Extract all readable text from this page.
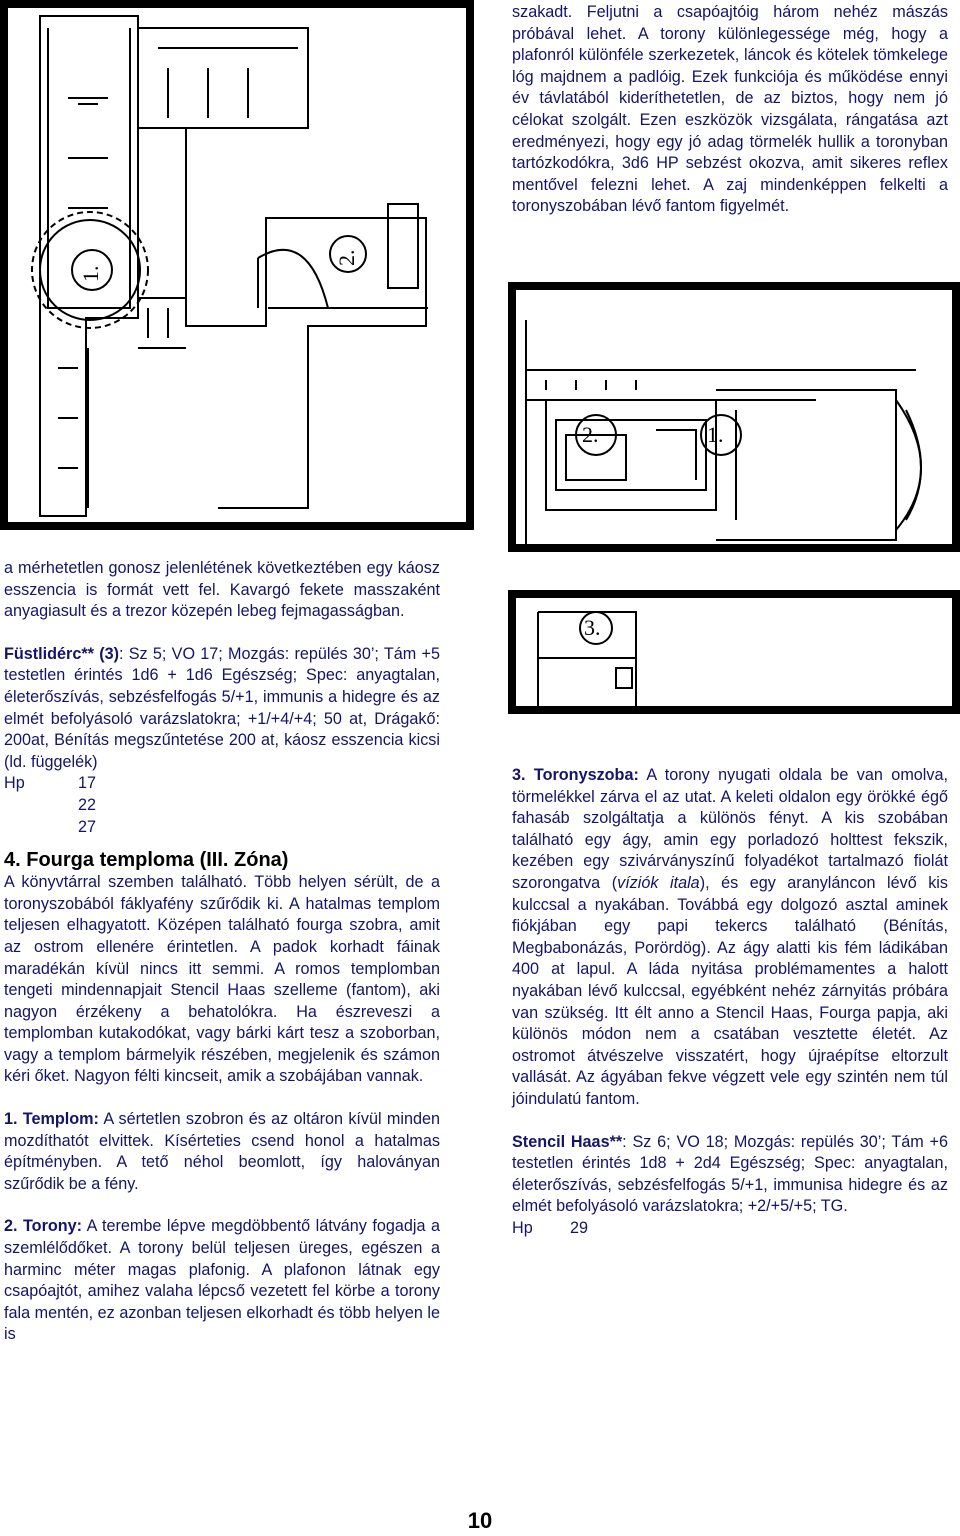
1.
2.
2.	1.
3.

szakadt. Feljutni a csapóajtóig három nehéz mászás próbával lehet. A torony különlegessége még, hogy a plafonról különféle szerkezetek, láncok és kötelek tömkelege lóg majdnem a padlóig. Ezek funkciója és működése ennyi év távlatából kideríthetetlen, de az biztos, hogy nem jó célokat szolgált. Ezen eszközök vizsgálata, rángatása azt eredményezi, hogy egy jó adag törmelék hullik a toronyban tartózkodókra, 3d6 HP sebzést okozva, amit sikeres reflex mentővel felezni lehet. A zaj mindenképpen felkelti a toronyszobában lévő fantom figyelmét.

a mérhetetlen gonosz jelenlétének következtében egy káosz esszencia is formát vett fel. Kavargó fekete masszaként anyagiasult és a trezor közepén lebeg fejmagasságban.

Füstlidérc** (3): Sz 5; VO 17; Mozgás: repülés 30’; Tám +5 testetlen érintés 1d6 + 1d6 Egészség; Spec: anyagtalan, életerőszívás, sebzésfelfogás 5/+1, immunis a hidegre és az elmét befolyásoló varázslatokra; +1/+4/+4; 50 at, Drágakő: 200at, Bénítás megszűntetése 200 at, káosz esszencia kicsi (ld. függelék)

Hp	17
22
27
4. Fourga temploma (III. Zóna)

A könyvtárral szemben található. Több helyen sérült, de a toronyszobából fáklyafény szűrődik ki. A hatalmas templom teljesen elhagyatott. Középen található fourga szobra, amit az ostrom ellenére érintetlen. A padok korhadt fáinak maradékán kívül nincs itt semmi. A romos templomban tengeti mindennapjait Stencil Haas szelleme (fantom), aki nagyon érzékeny a behatolókra. Ha észreveszi a templomban kutakodókat, vagy bárki kárt tesz a szoborban, vagy a templom bármelyik részében, megjelenik és számon kéri őket. Nagyon félti kincseit, amik a szobájában vannak.

1. Templom: A sértetlen szobron és az oltáron kívül minden mozdíthatót elvittek. Kísérteties csend honol a hatalmas építményben. A tető néhol beomlott, így haloványan szűrődik be a fény.

2. Torony: A terembe lépve megdöbbentő látvány fogadja a szemlélődőket. A torony belül teljesen üreges, egészen a harminc méter magas plafonig. A plafonon látnak egy csapóajtót, amihez valaha lépcső vezetett fel körbe a torony fala mentén, ez azonban teljesen elkorhadt és több helyen le is

3. Toronyszoba: A torony nyugati oldala be van omolva, törmelékkel zárva el az utat. A keleti oldalon egy örökké égő fahasáb szolgáltatja a különös fényt. A kis szobában található egy ágy, amin egy porladozó holttest fekszik, kezében egy szivárványszínű folyadékot tartalmazó fiolát szorongatva (víziók itala), és egy aranyláncon lévő kis kulccsal a nyakában. Továbbá egy dolgozó asztal aminek fiókjában egy papi tekercs található (Bénítás, Megbabonázás, Porördög). Az ágy alatti kis fém ládikában 400 at lapul. A láda nyitása problémamentes a halott nyakában lévő kulccsal, egyébként nehéz zárnyitás próbára van szükség. Itt élt anno a Stencil Haas, Fourga papja, aki különös módon nem a csatában vesztette életét. Az ostromot átvészelve visszatért, hogy újraépítse eltorzult vallását. Az ágyában fekve végzett vele egy szintén nem túl jóindulatú fantom.

Stencil Haas**: Sz 6; VO 18; Mozgás: repülés 30’; Tám +6 testetlen érintés 1d8 + 2d4 Egészség; Spec: anyagtalan, életerőszívás, sebzésfelfogás 5/+1, immunisa hidegre és az elmét befolyásoló varázslatokra; +2/+5/+5; TG.

Hp	29
10
